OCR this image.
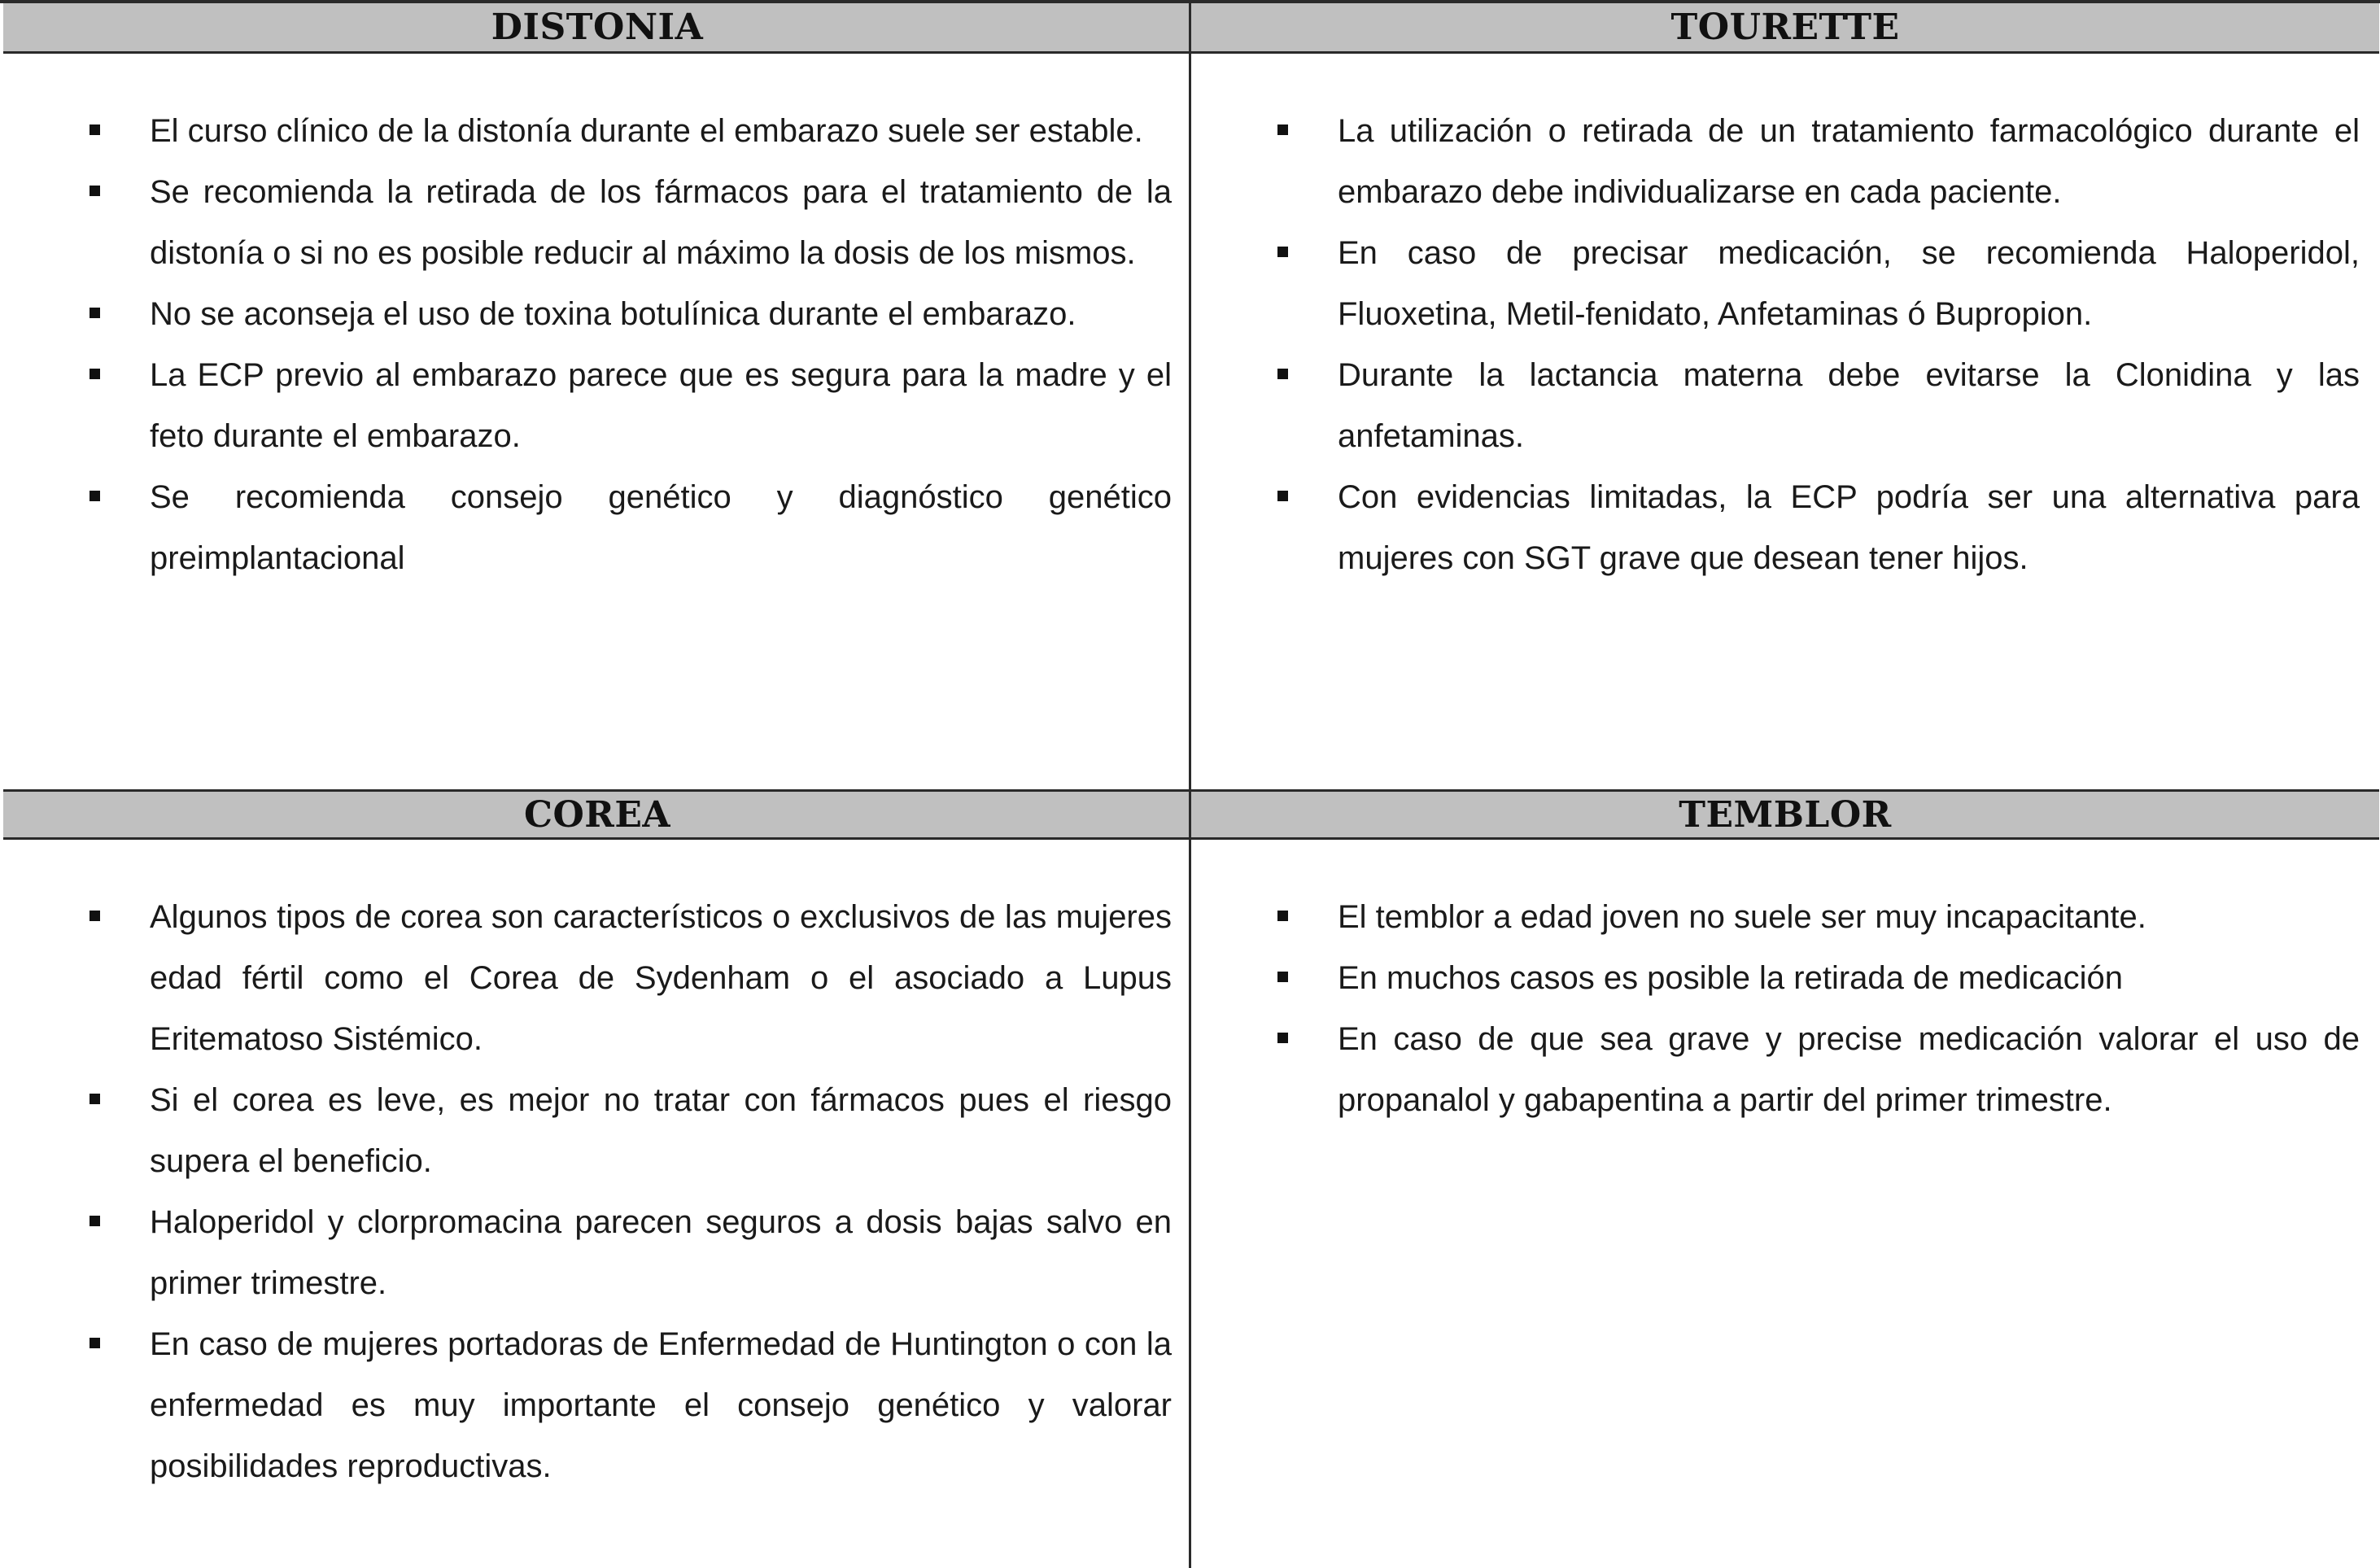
DISTONIA
El curso clínico de la distonía durante el embarazo suele ser estable.
Se recomienda la retirada de los fármacos para el tratamiento de la distonía o si no es posible reducir al máximo la dosis de los mismos.
No se aconseja el uso de toxina botulínica durante el embarazo.
La ECP previo al embarazo parece que es segura para la madre y el feto durante el embarazo.
Se recomienda consejo genético y diagnóstico genético preimplantacional
TOURETTE
La utilización o retirada de un tratamiento farmacológico durante el embarazo debe individualizarse en cada paciente.
En caso de precisar medicación, se recomienda Haloperidol, Fluoxetina, Metil-fenidato, Anfetaminas ó Bupropion.
Durante la lactancia materna debe evitarse la Clonidina y las anfetaminas.
Con evidencias limitadas, la ECP podría ser una alternativa para mujeres con SGT grave que desean tener hijos.
COREA
Algunos tipos de corea son característicos o exclusivos de las mujeres edad fértil como el Corea de Sydenham o el asociado a Lupus Eritematoso Sistémico.
Si el corea es leve, es mejor no tratar con fármacos pues el riesgo supera el beneficio.
Haloperidol y clorpromacina parecen seguros a dosis bajas salvo en primer trimestre.
En caso de mujeres portadoras de Enfermedad de Huntington o con la enfermedad es muy importante el consejo genético y valorar posibilidades reproductivas.
TEMBLOR
El temblor a edad joven no suele ser muy incapacitante.
En muchos casos es posible la retirada de medicación
En caso de que sea grave y precise medicación valorar el uso de propanalol y gabapentina a partir del primer trimestre.
